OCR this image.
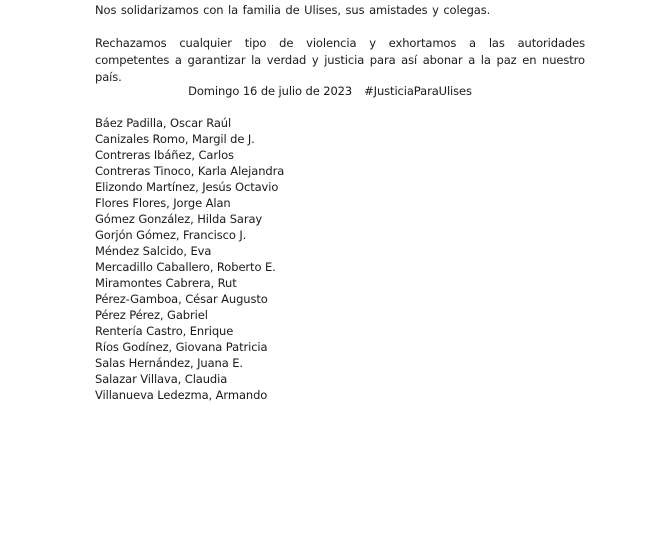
Nos solidarizamos con la familia de Ulises, sus amistades y colegas.

Rechazamos cualquier tipo de violencia y exhortamos a las autoridades competentes a garantizar la verdad y justicia para así abonar a la paz en nuestro país.

Domingo 16 de julio de 2023 #JusticiaParaUlises
Báez Padilla, Oscar Raúl
Canizales Romo, Margil de J.
Contreras Ibáñez, Carlos
Contreras Tinoco, Karla Alejandra
Elizondo Martínez, Jesús Octavio
Flores Flores, Jorge Alan
Gómez González, Hilda Saray
Gorjón Gómez, Francisco J.
Méndez Salcido, Eva
Mercadillo Caballero, Roberto E.
Miramontes Cabrera, Rut
Pérez-Gamboa, César Augusto
Pérez Pérez, Gabriel
Rentería Castro, Enrique
Ríos Godínez, Giovana Patricia
Salas Hernández, Juana E.
Salazar Villava, Claudia
Villanueva Ledezma, Armando
